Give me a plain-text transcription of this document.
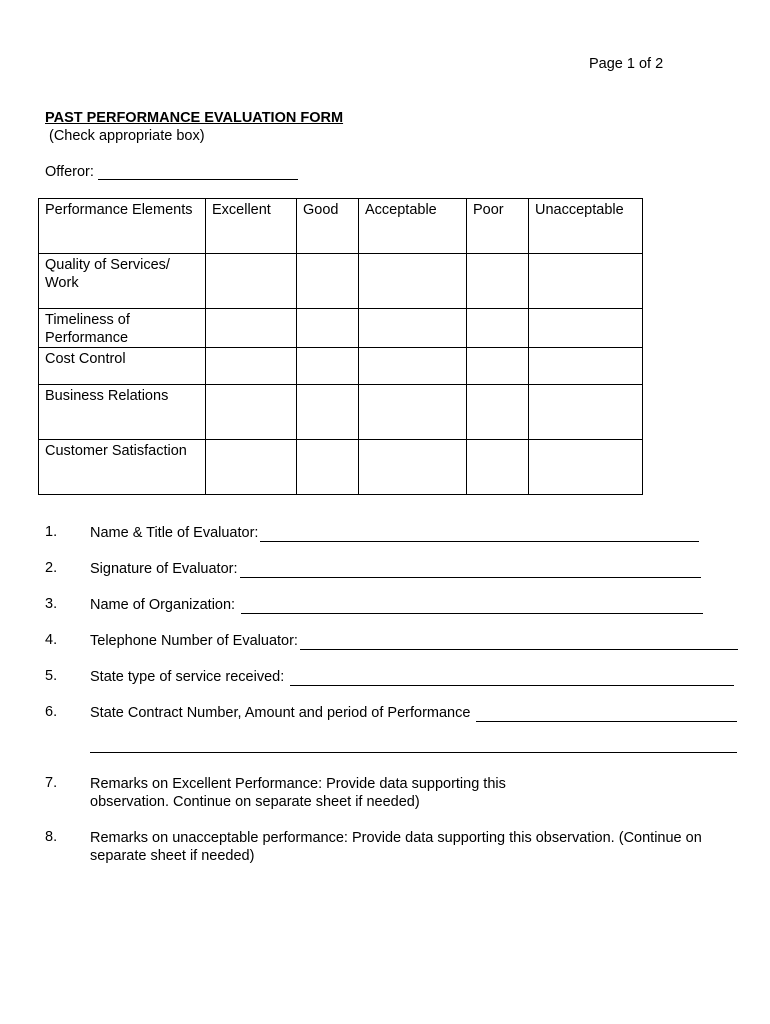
Page 1 of 2
PAST PERFORMANCE EVALUATION FORM
(Check appropriate box)
Offeror:
Performance Elements	Excellent	Good	Acceptable	Poor	Unacceptable
Quality of Services/ Work					
Timeliness of Performance					
Cost Control					
Business Relations					
Customer Satisfaction					
1. Name & Title of Evaluator:
2. Signature of Evaluator:
3. Name of Organization:
4. Telephone Number of Evaluator:
5. State type of service received:
6. State Contract Number, Amount and period of Performance
7. Remarks on Excellent Performance: Provide data supporting this observation. Continue on separate sheet if needed)
8. Remarks on unacceptable performance: Provide data supporting this observation. (Continue on separate sheet if needed)
